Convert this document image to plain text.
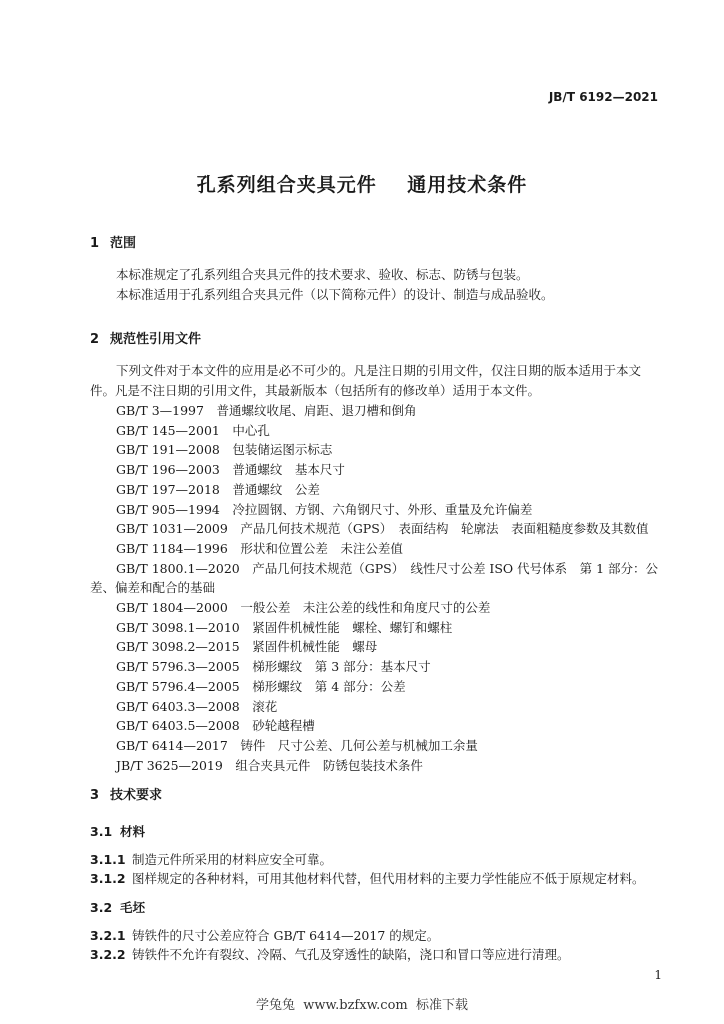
JB/T 6192—2021
孔系列组合夹具元件    通用技术条件
1 范围

本标准规定了孔系列组合夹具元件的技术要求、验收、标志、防锈与包装。

本标准适用于孔系列组合夹具元件（以下简称元件）的设计、制造与成品验收。

2 规范性引用文件

下列文件对于本文件的应用是必不可少的。凡是注日期的引用文件，仅注日期的版本适用于本文件。凡是不注日期的引用文件，其最新版本（包括所有的修改单）适用于本文件。

GB/T 3—1997　普通螺纹收尾、肩距、退刀槽和倒角
GB/T 145—2001　中心孔
GB/T 191—2008　包装储运图示标志
GB/T 196—2003　普通螺纹　基本尺寸
GB/T 197—2018　普通螺纹　公差
GB/T 905—1994　冷拉圆钢、方钢、六角钢尺寸、外形、重量及允许偏差
GB/T 1031—2009　产品几何技术规范（GPS）　表面结构　轮廓法　表面粗糙度参数及其数值
GB/T 1184—1996　形状和位置公差　未注公差值
GB/T 1800.1—2020　产品几何技术规范（GPS）　线性尺寸公差 ISO 代号体系　第 1 部分：公差、偏差和配合的基础
GB/T 1804—2000　一般公差　未注公差的线性和角度尺寸的公差
GB/T 3098.1—2010　紧固件机械性能　螺栓、螺钉和螺柱
GB/T 3098.2—2015　紧固件机械性能　螺母
GB/T 5796.3—2005　梯形螺纹　第 3 部分：基本尺寸
GB/T 5796.4—2005　梯形螺纹　第 4 部分：公差
GB/T 6403.3—2008　滚花
GB/T 6403.5—2008　砂轮越程槽
GB/T 6414—2017　铸件　尺寸公差、几何公差与机械加工余量
JB/T 3625—2019　组合夹具元件　防锈包装技术条件
3 技术要求
3.1 材料
3.1.1 制造元件所采用的材料应安全可靠。
3.1.2 图样规定的各种材料，可用其他材料代替，但代用材料的主要力学性能应不低于原规定材料。
3.2 毛坯
3.2.1 铸铁件的尺寸公差应符合 GB/T 6414—2017 的规定。
3.2.2 铸铁件不允许有裂纹、冷隔、气孔及穿透性的缺陷，浇口和冒口等应进行清理。
1
学兔兔  www.bzfxw.com  标准下载
